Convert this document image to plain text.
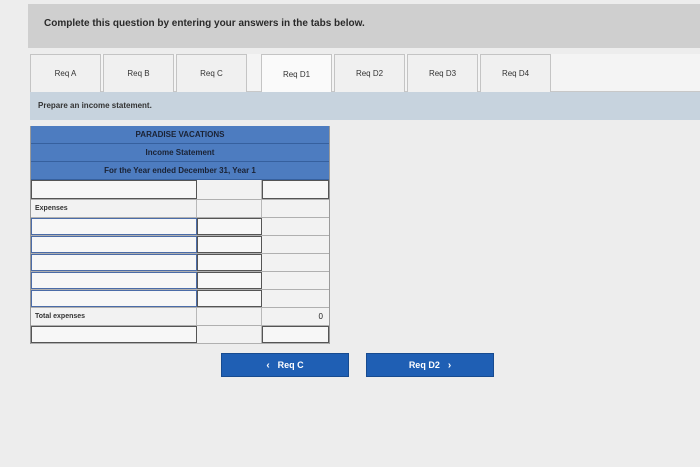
Complete this question by entering your answers in the tabs below.
Req A	Req B	Req C	Req D1	Req D2	Req D3	Req D4
Prepare an income statement.
PARADISE VACATIONS
Income Statement
For the Year ended December 31, Year 1
Expenses
Total expenses	0
‹ Req C	Req D2 ›
